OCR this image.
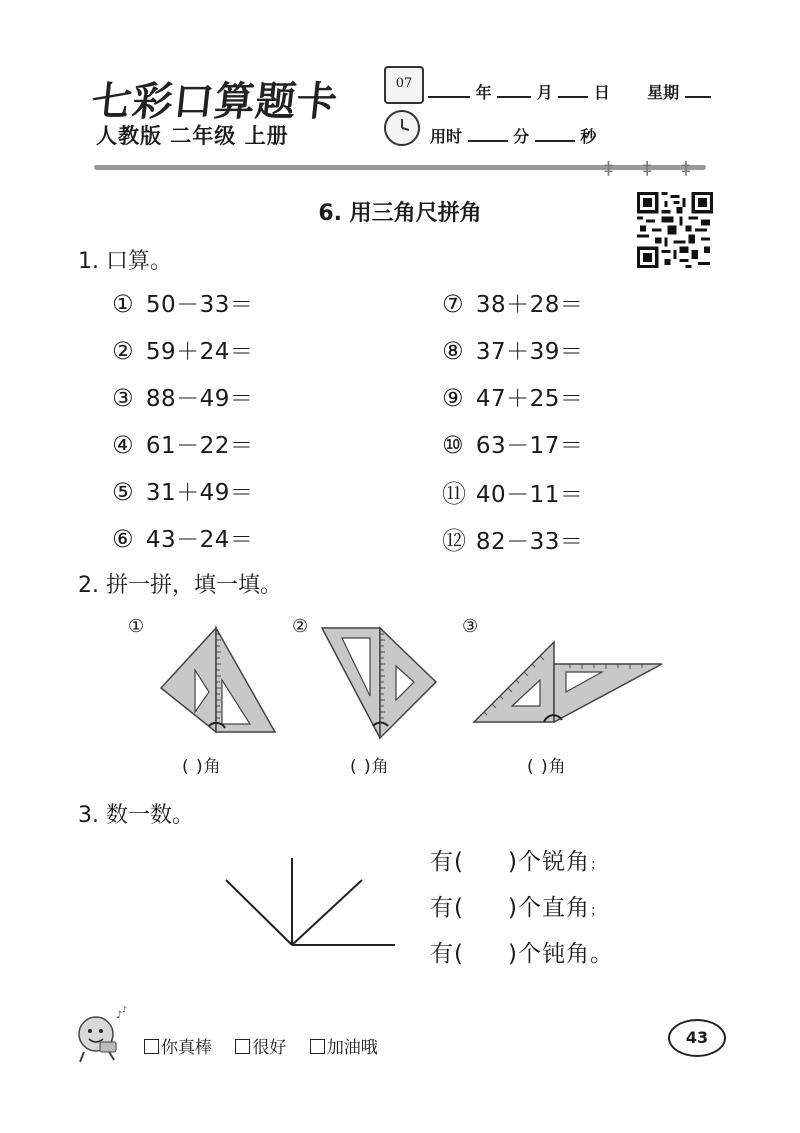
七彩口算题卡
人教版 二年级 上册
07	年	月	日 星期
用时	分	秒
‡ ‡ ‡
6. 用三角尺拼角
1. 口算。
① 50－33＝
② 59＋24＝
③ 88－49＝
④ 61－22＝
⑤ 31＋49＝
⑥ 43－24＝
⑦ 38＋28＝
⑧ 37＋39＝
⑨ 47＋25＝
⑩ 63－17＝
⑪ 40－11＝
⑫ 82－33＝
2. 拼一拼，填一填。
①	②	③
( )角	( )角	( )角
3. 数一数。
有( )个锐角；
有( )个直角；
有( )个钝角。
♪
♪
你真棒 很好 加油哦
43
